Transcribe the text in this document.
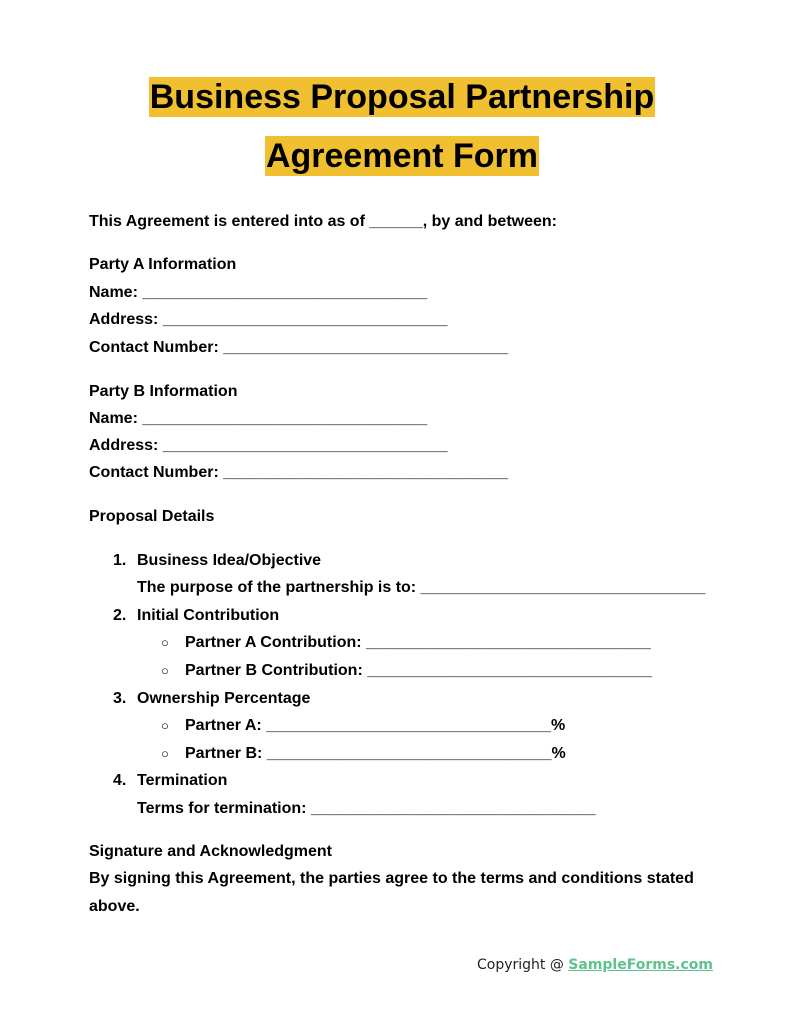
Business Proposal Partnership
Agreement Form
This Agreement is entered into as of ______, by and between:
Party A Information
Name: ________________________________
Address: ________________________________
Contact Number: ________________________________
Party B Information
Name: ________________________________
Address: ________________________________
Contact Number: ________________________________
Proposal Details
1. Business Idea/Objective
The purpose of the partnership is to: ________________________________
2. Initial Contribution
○ Partner A Contribution: ________________________________
○ Partner B Contribution: ________________________________
3. Ownership Percentage
○ Partner A: ________________________________%
○ Partner B: ________________________________%
4. Termination
Terms for termination: ________________________________
Signature and Acknowledgment
By signing this Agreement, the parties agree to the terms and conditions stated
above.
Copyright @ SampleForms.com
